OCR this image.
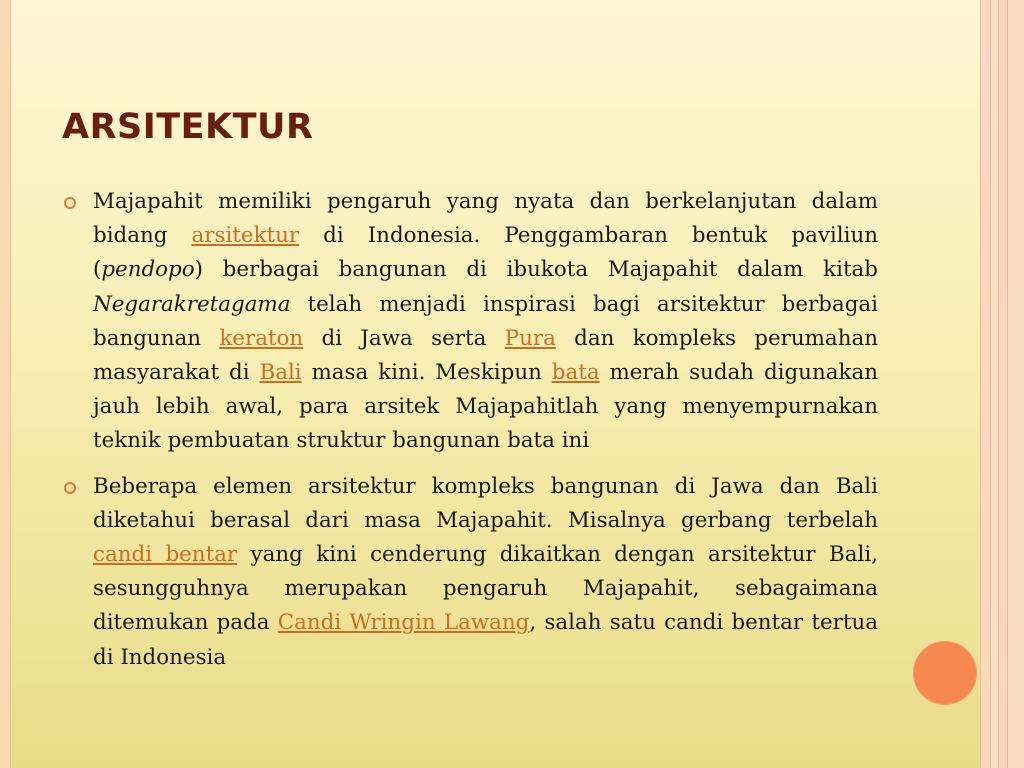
ARSITEKTUR

Majapahit memiliki pengaruh yang nyata dan berkelanjutan dalam bidang arsitektur di Indonesia. Penggambaran bentuk paviliun (pendopo) berbagai bangunan di ibukota Majapahit dalam kitab Negarakretagama telah menjadi inspirasi bagi arsitektur berbagai bangunan keraton di Jawa serta Pura dan kompleks perumahan masyarakat di Bali masa kini. Meskipun bata merah sudah digunakan jauh lebih awal, para arsitek Majapahitlah yang menyempurnakan teknik pembuatan struktur bangunan bata ini

Beberapa elemen arsitektur kompleks bangunan di Jawa dan Bali diketahui berasal dari masa Majapahit. Misalnya gerbang terbelah candi bentar yang kini cenderung dikaitkan dengan arsitektur Bali, sesungguhnya merupakan pengaruh Majapahit, sebagaimana ditemukan pada Candi Wringin Lawang, salah satu candi bentar tertua di Indonesia
